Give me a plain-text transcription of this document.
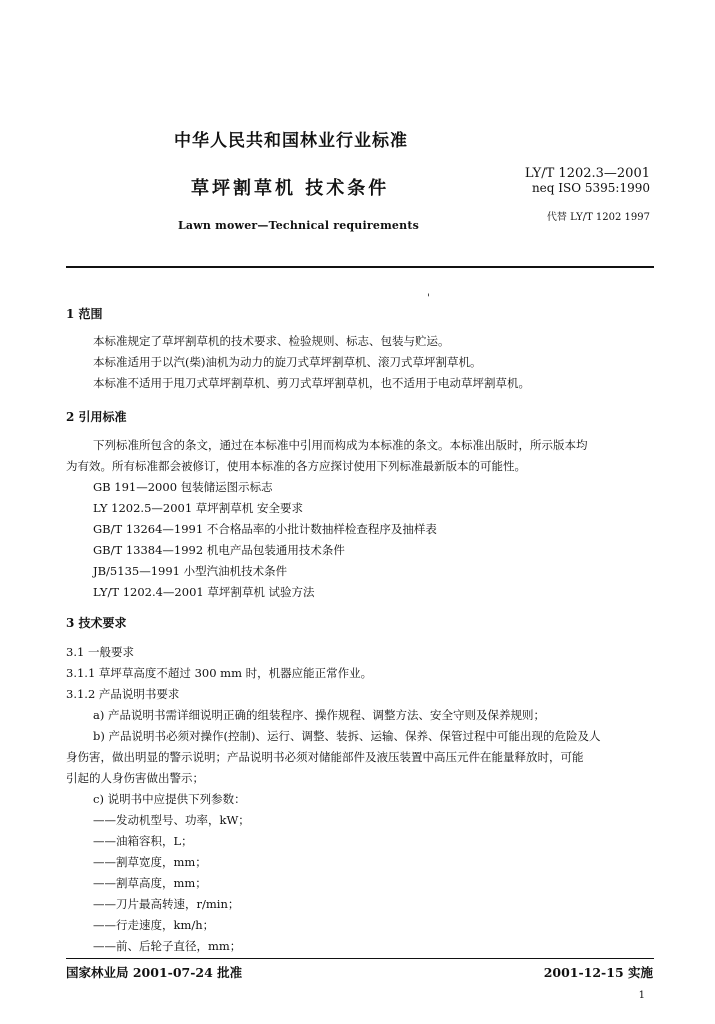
中华人民共和国林业行业标准
草坪割草机 技术条件
Lawn mower—Technical requirements
LY/T 1202.3—2001
neq ISO 5395:1990
代替 LY/T 1202 1997
'
1 范围
本标准规定了草坪割草机的技术要求、检验规则、标志、包装与贮运。
本标准适用于以汽(柴)油机为动力的旋刀式草坪割草机、滚刀式草坪割草机。
本标准不适用于甩刀式草坪割草机、剪刀式草坪割草机，也不适用于电动草坪割草机。
2 引用标准
下列标准所包含的条文，通过在本标准中引用而构成为本标准的条文。本标准出版时，所示版本均
为有效。所有标准都会被修订，使用本标准的各方应探讨使用下列标准最新版本的可能性。
GB 191—2000 包装储运图示标志
LY 1202.5—2001 草坪割草机 安全要求
GB/T 13264—1991 不合格品率的小批计数抽样检查程序及抽样表
GB/T 13384—1992 机电产品包装通用技术条件
JB/5135—1991 小型汽油机技术条件
LY/T 1202.4—2001 草坪割草机 试验方法
3 技术要求
3.1 一般要求
3.1.1 草坪草高度不超过 300 mm 时，机器应能正常作业。
3.1.2 产品说明书要求
a) 产品说明书需详细说明正确的组装程序、操作规程、调整方法、安全守则及保养规则；
b) 产品说明书必须对操作(控制)、运行、调整、装拆、运输、保养、保管过程中可能出现的危险及人
身伤害，做出明显的警示说明；产品说明书必须对储能部件及液压装置中高压元件在能量释放时，可能
引起的人身伤害做出警示；
c) 说明书中应提供下列参数：
——发动机型号、功率，kW；
——油箱容积，L；
——割草宽度，mm；
——割草高度，mm；
——刀片最高转速，r/min；
——行走速度，km/h；
——前、后轮子直径，mm；
国家林业局 2001-07-24 批准	2001-12-15 实施
1
